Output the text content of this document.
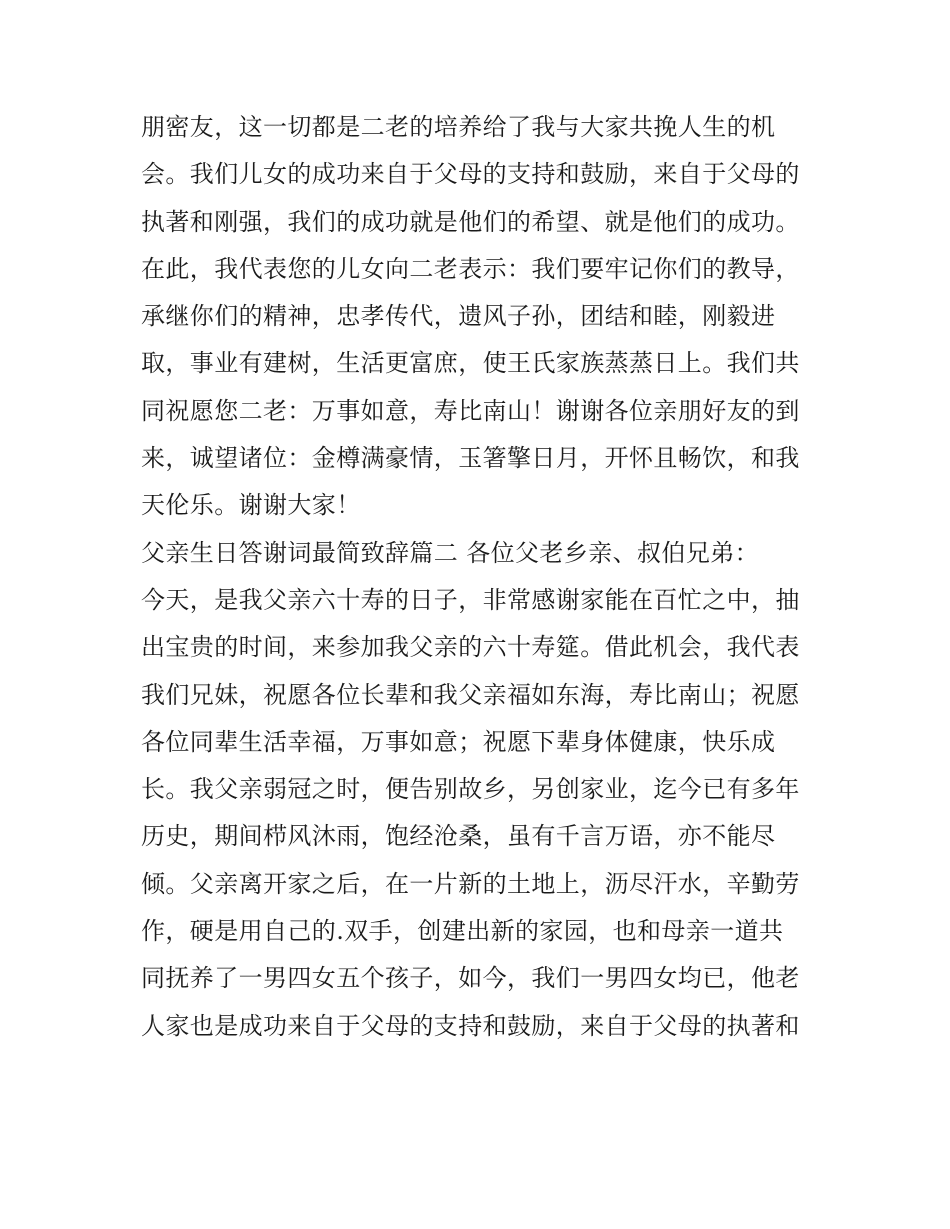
朋密友，这一切都是二老的培养给了我与大家共挽人生的机
会。我们儿女的成功来自于父母的支持和鼓励，来自于父母的
执著和刚强，我们的成功就是他们的希望、就是他们的成功。
在此，我代表您的儿女向二老表示：我们要牢记你们的教导，
承继你们的精神，忠孝传代，遗风子孙，团结和睦，刚毅进
取，事业有建树，生活更富庶，使王氏家族蒸蒸日上。我们共
同祝愿您二老：万事如意，寿比南山！谢谢各位亲朋好友的到
来，诚望诸位：金樽满豪情，玉箸擎日月，开怀且畅饮，和我
天伦乐。谢谢大家！
父亲生日答谢词最简致辞篇二 各位父老乡亲、叔伯兄弟：
今天，是我父亲六十寿的日子，非常感谢家能在百忙之中，抽
出宝贵的时间，来参加我父亲的六十寿筵。借此机会，我代表
我们兄妹，祝愿各位长辈和我父亲福如东海，寿比南山；祝愿
各位同辈生活幸福，万事如意；祝愿下辈身体健康，快乐成
长。我父亲弱冠之时，便告别故乡，另创家业，迄今已有多年
历史，期间栉风沐雨，饱经沧桑，虽有千言万语，亦不能尽
倾。父亲离开家之后，在一片新的土地上，沥尽汗水，辛勤劳
作，硬是用自己的.双手，创建出新的家园，也和母亲一道共
同抚养了一男四女五个孩子，如今，我们一男四女均已，他老
人家也是成功来自于父母的支持和鼓励，来自于父母的执著和
